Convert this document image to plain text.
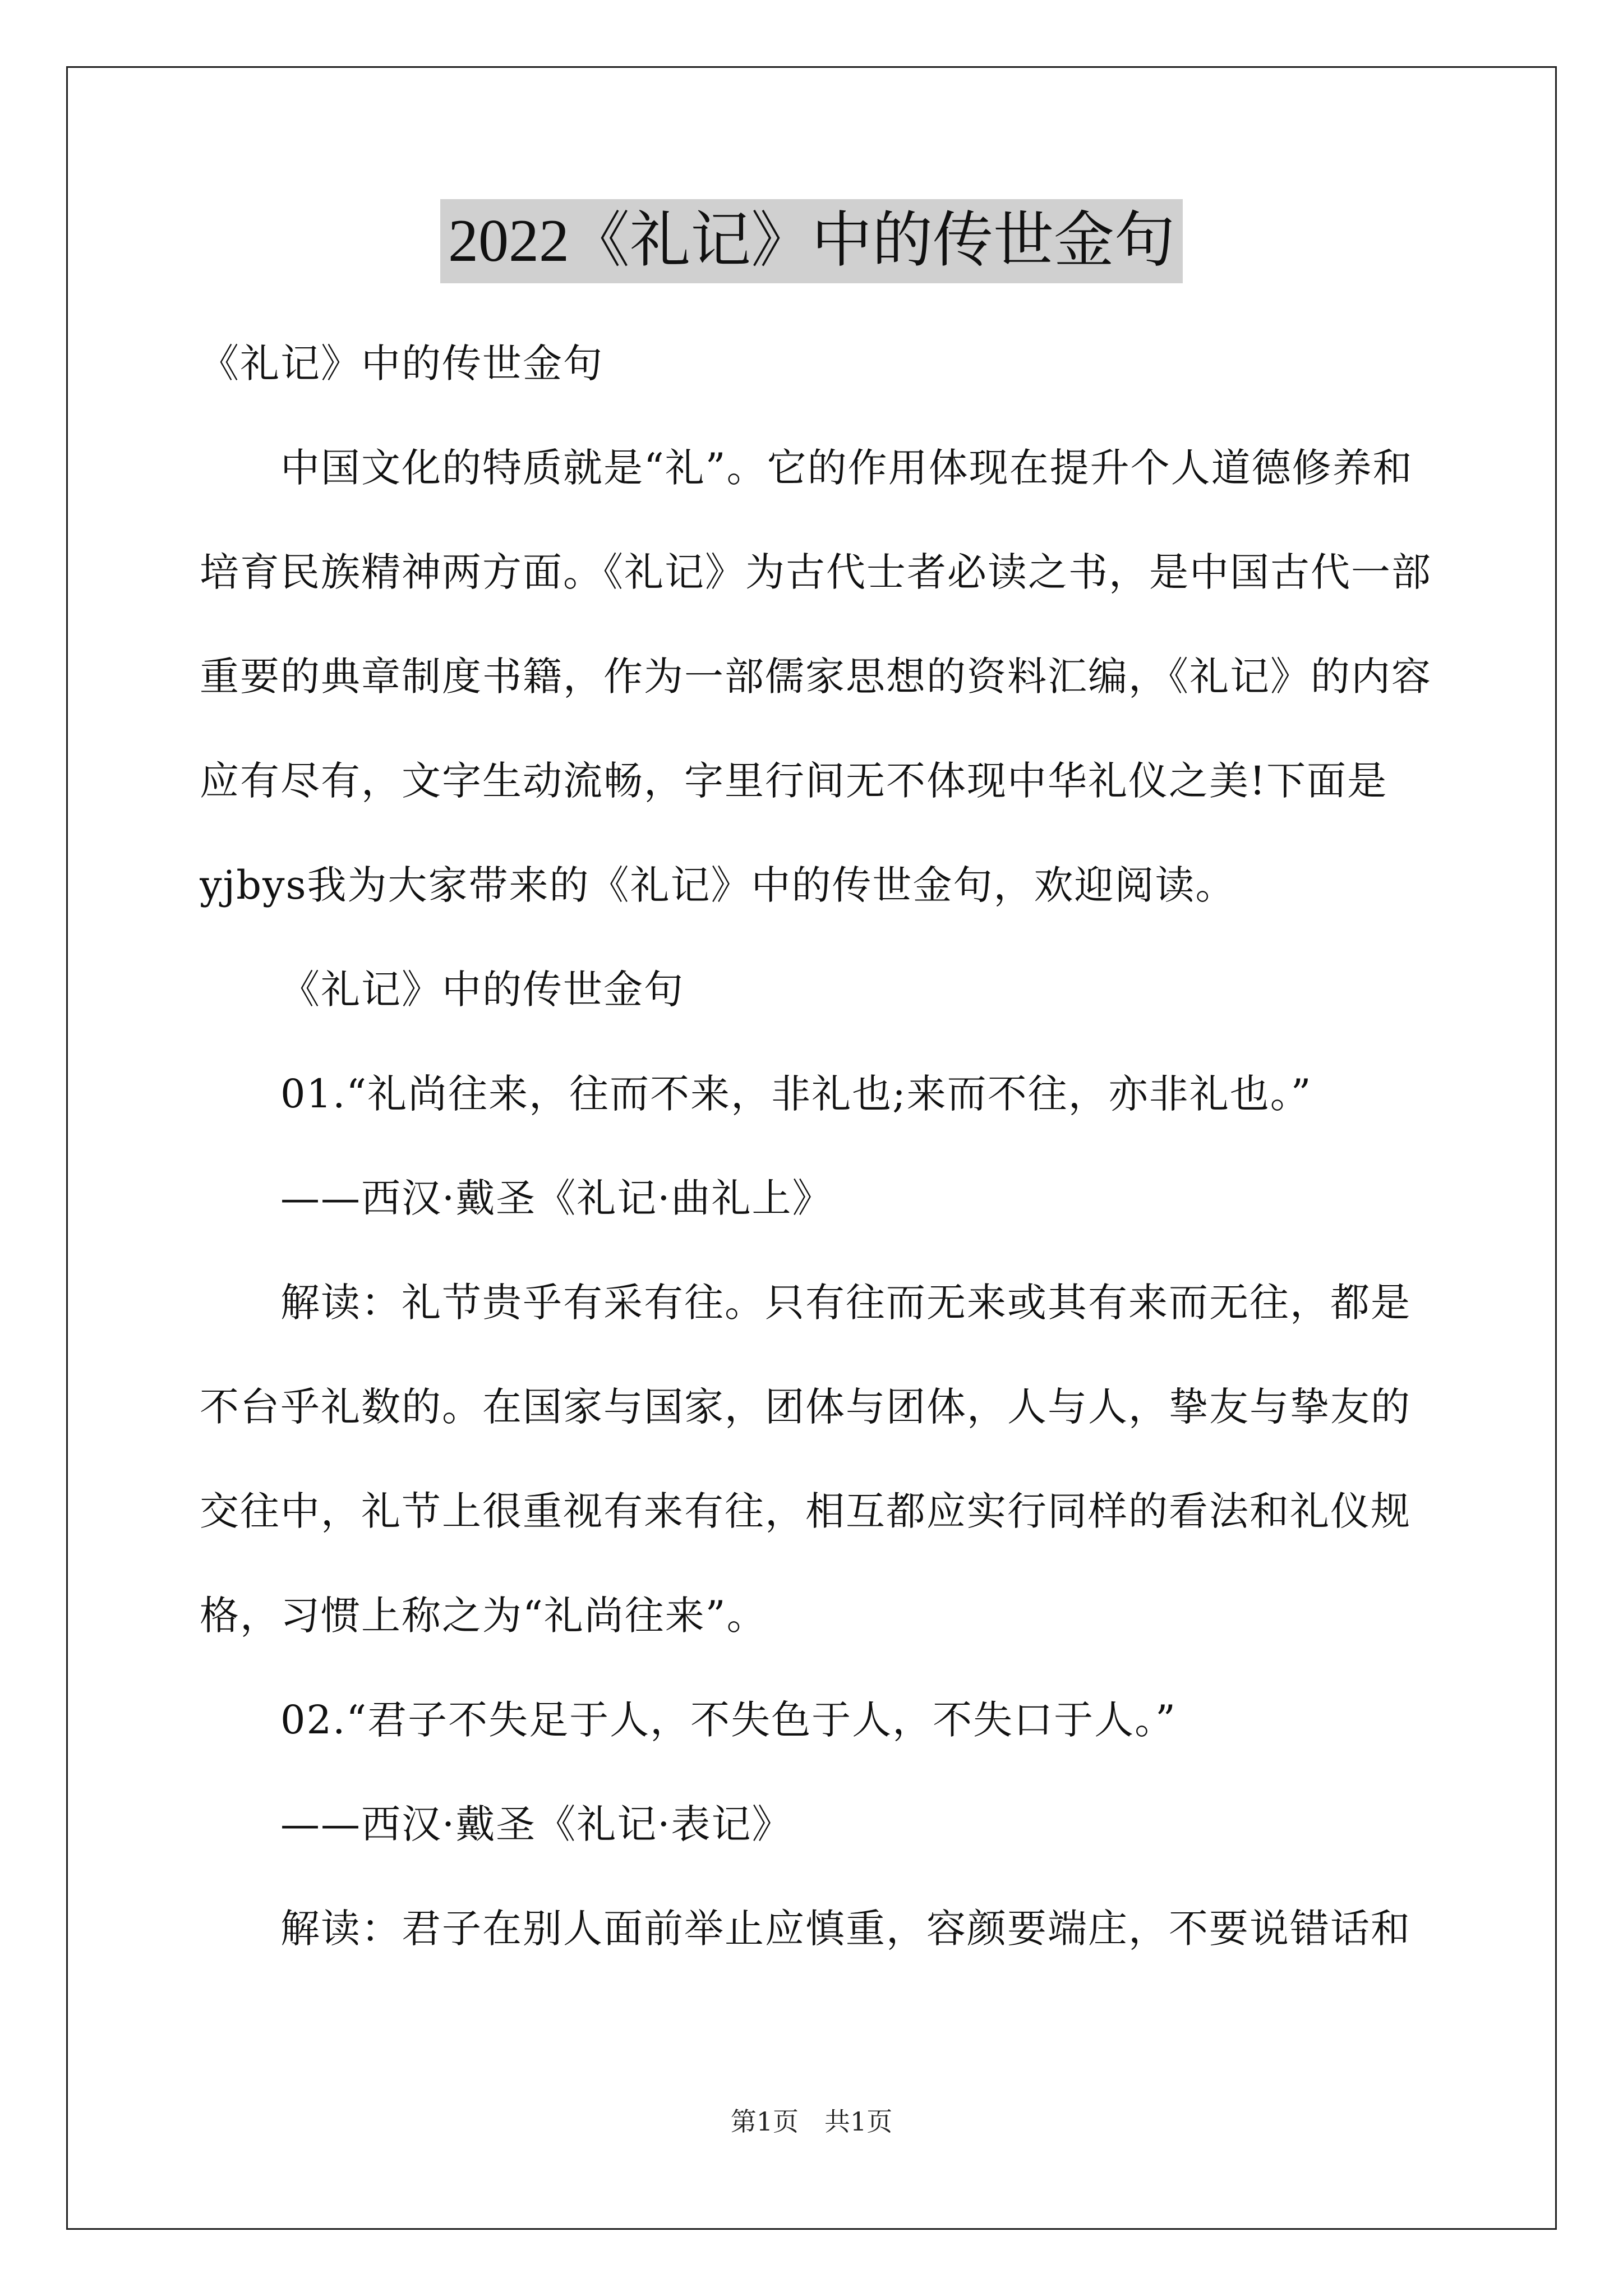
2022《礼记》中的传世金句
《礼记》中的传世金句
中国文化的特质就是“礼”。它的作用体现在提升个人道德修养和
培育民族精神两方面。《礼记》为古代士者必读之书，是中国古代一部
重要的典章制度书籍，作为一部儒家思想的资料汇编，《礼记》的内容
应有尽有，文字生动流畅，字里行间无不体现中华礼仪之美!下面是
yjbys我为大家带来的《礼记》中的传世金句，欢迎阅读。
《礼记》中的传世金句
01.“礼尚往来，往而不来，非礼也;来而不往，亦非礼也。”
——西汉·戴圣《礼记·曲礼上》
解读：礼节贵乎有采有往。只有往而无来或其有来而无往，都是
不台乎礼数的。在国家与国家，团体与团体，人与人，挚友与挚友的
交往中，礼节上很重视有来有往，相互都应实行同样的看法和礼仪规
格，习惯上称之为“礼尚往来”。
02.“君子不失足于人，不失色于人，不失口于人。”
——西汉·戴圣《礼记·表记》
解读：君子在别人面前举止应慎重，容颜要端庄，不要说错话和
第1页　共1页
